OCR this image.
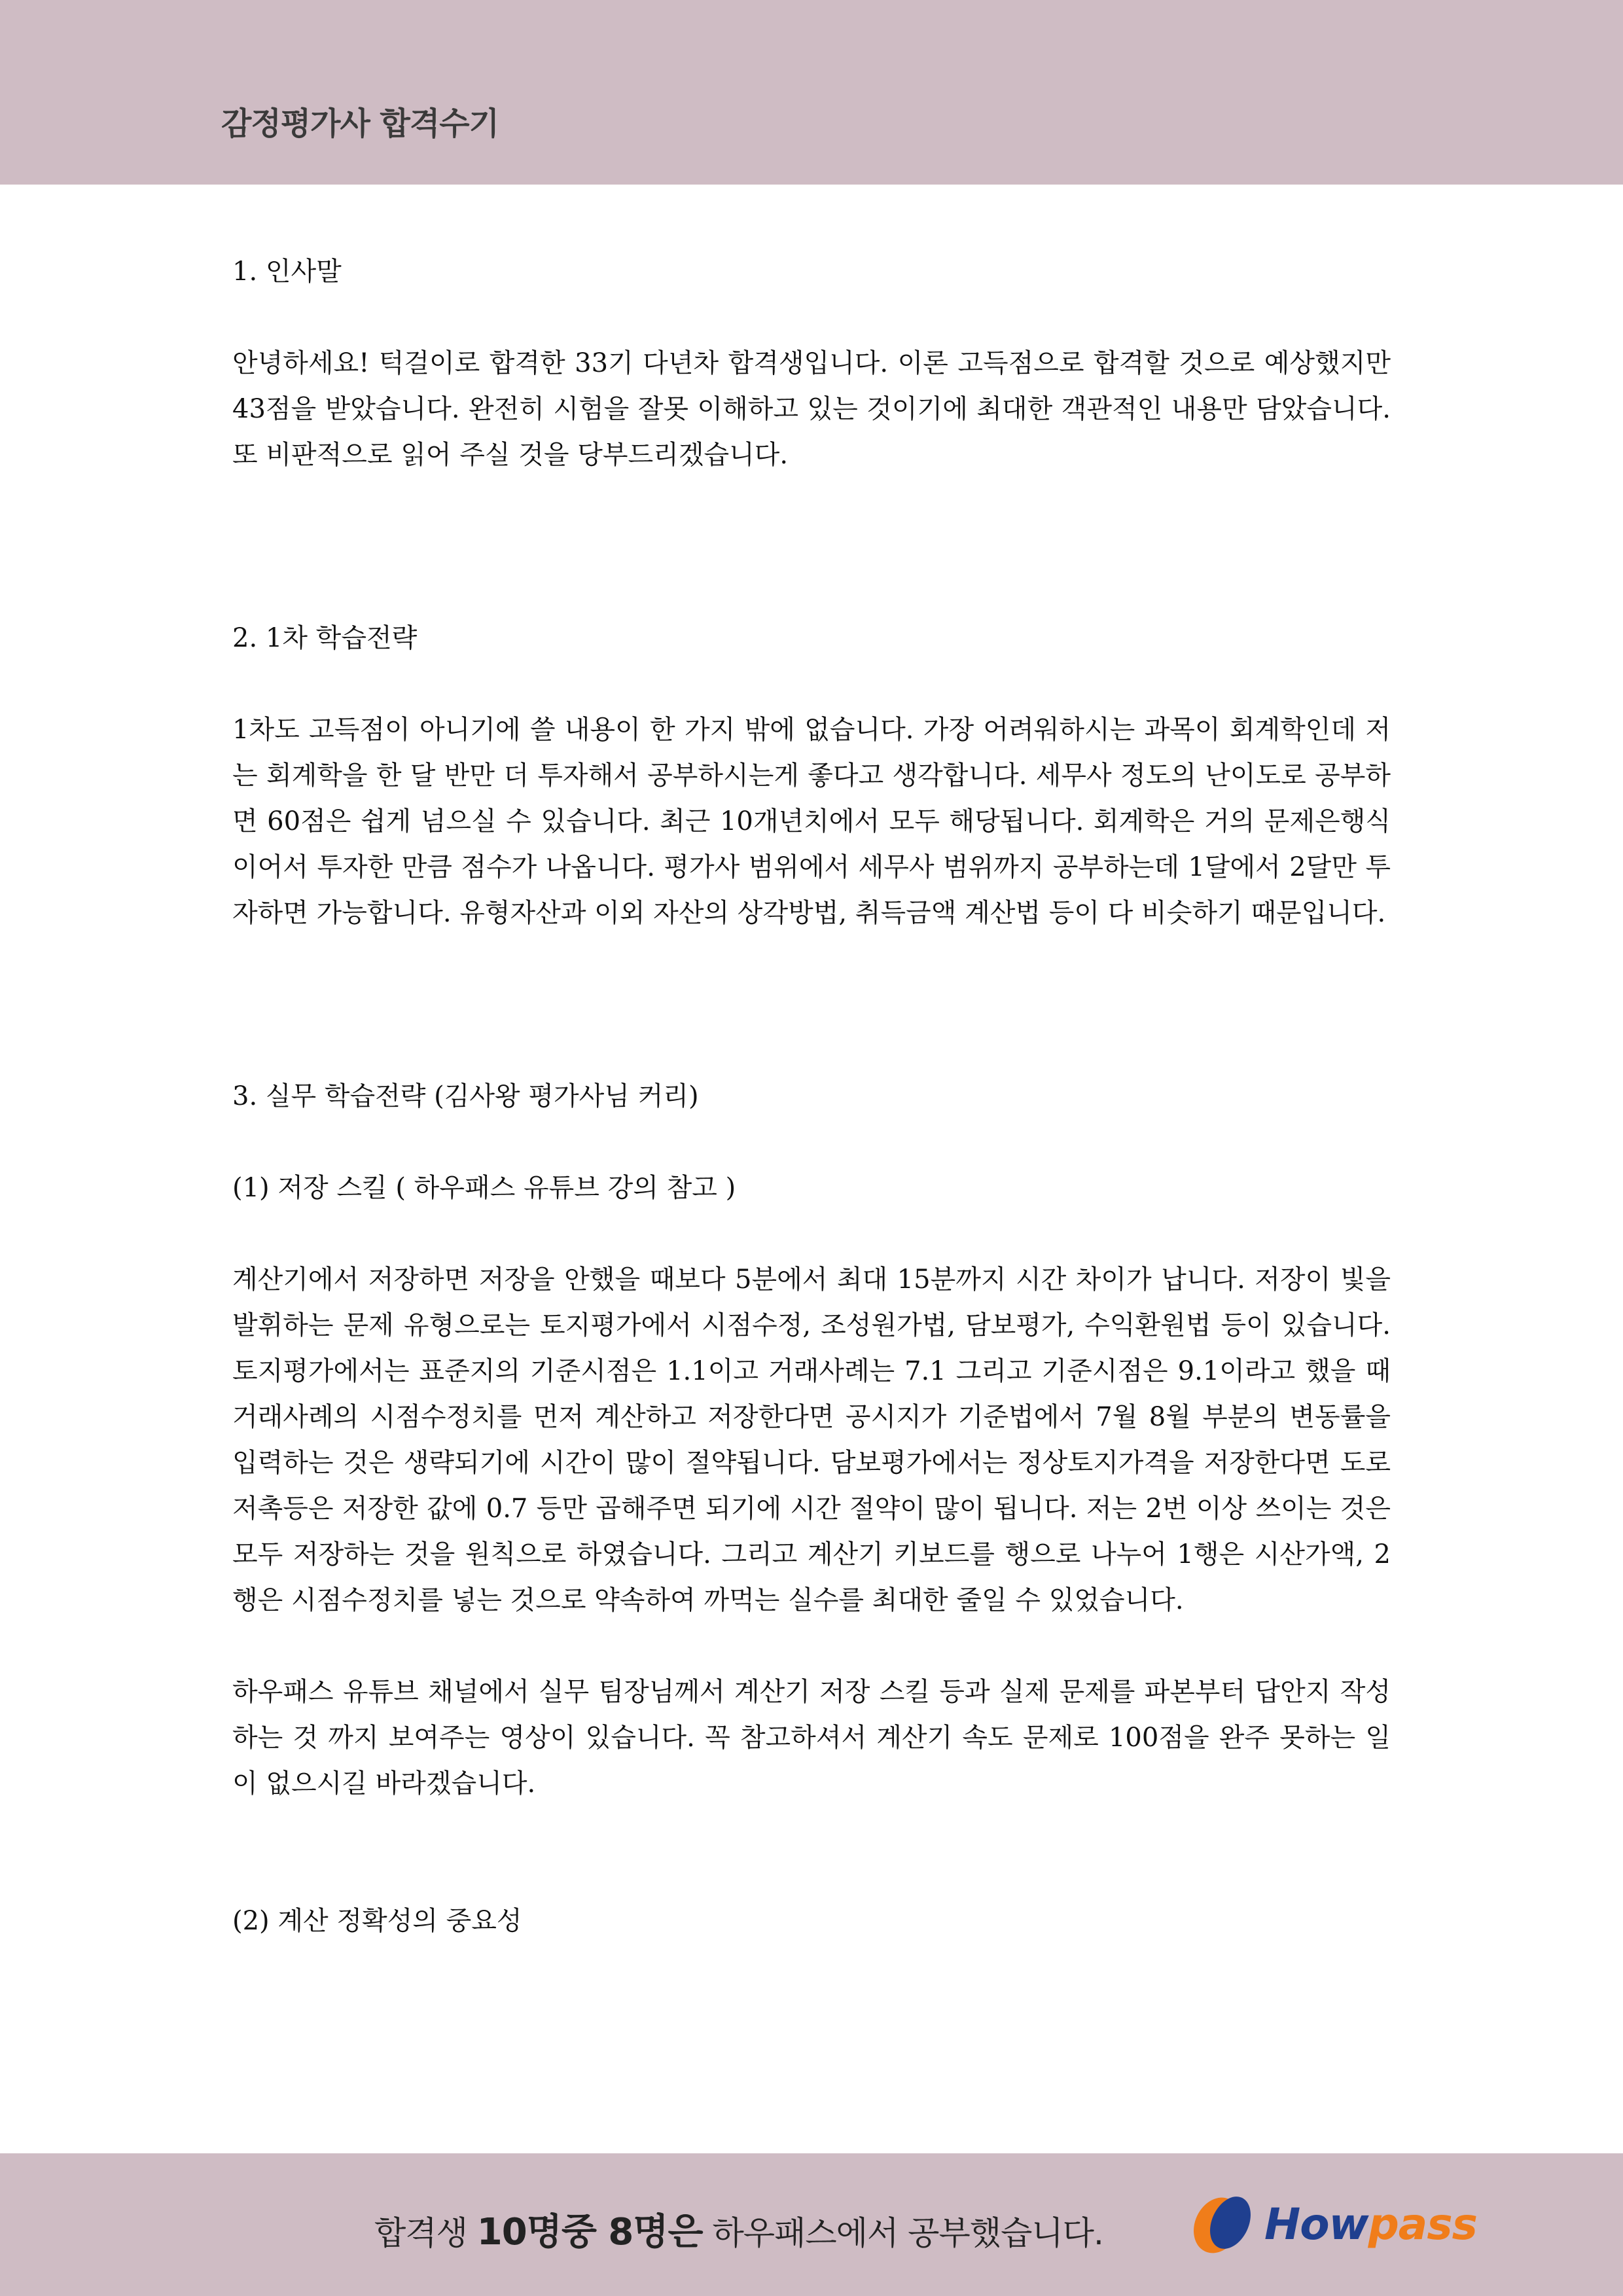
감정평가사 합격수기

1. 인사말

안녕하세요! 턱걸이로 합격한 33기 다년차 합격생입니다. 이론 고득점으로 합격할 것으로 예상했지만 43점을 받았습니다. 완전히 시험을 잘못 이해하고 있는 것이기에 최대한 객관적인 내용만 담았습니다. 또 비판적으로 읽어 주실 것을 당부드리겠습니다.

2. 1차 학습전략

1차도 고득점이 아니기에 쓸 내용이 한 가지 밖에 없습니다. 가장 어려워하시는 과목이 회계학인데 저는 회계학을 한 달 반만 더 투자해서 공부하시는게 좋다고 생각합니다. 세무사 정도의 난이도로 공부하면 60점은 쉽게 넘으실 수 있습니다. 최근 10개년치에서 모두 해당됩니다. 회계학은 거의 문제은행식이어서 투자한 만큼 점수가 나옵니다. 평가사 범위에서 세무사 범위까지 공부하는데 1달에서 2달만 투자하면 가능합니다. 유형자산과 이외 자산의 상각방법, 취득금액 계산법 등이 다 비슷하기 때문입니다.

3. 실무 학습전략 (김사왕 평가사님 커리)

(1) 저장 스킬 ( 하우패스 유튜브 강의 참고 )

계산기에서 저장하면 저장을 안했을 때보다 5분에서 최대 15분까지 시간 차이가 납니다. 저장이 빛을 발휘하는 문제 유형으로는 토지평가에서 시점수정, 조성원가법, 담보평가, 수익환원법 등이 있습니다. 토지평가에서는 표준지의 기준시점은 1.1이고 거래사례는 7.1 그리고 기준시점은 9.1이라고 했을 때 거래사례의 시점수정치를 먼저 계산하고 저장한다면 공시지가 기준법에서 7월 8월 부분의 변동률을 입력하는 것은 생략되기에 시간이 많이 절약됩니다. 담보평가에서는 정상토지가격을 저장한다면 도로저촉등은 저장한 값에 0.7 등만 곱해주면 되기에 시간 절약이 많이 됩니다. 저는 2번 이상 쓰이는 것은 모두 저장하는 것을 원칙으로 하였습니다. 그리고 계산기 키보드를 행으로 나누어 1행은 시산가액, 2행은 시점수정치를 넣는 것으로 약속하여 까먹는 실수를 최대한 줄일 수 있었습니다.

하우패스 유튜브 채널에서 실무 팀장님께서 계산기 저장 스킬 등과 실제 문제를 파본부터 답안지 작성하는 것 까지 보여주는 영상이 있습니다. 꼭 참고하셔서 계산기 속도 문제로 100점을 완주 못하는 일이 없으시길 바라겠습니다.

(2) 계산 정확성의 중요성

합격생 10명중 8명은 하우패스에서 공부했습니다.	Howpass
